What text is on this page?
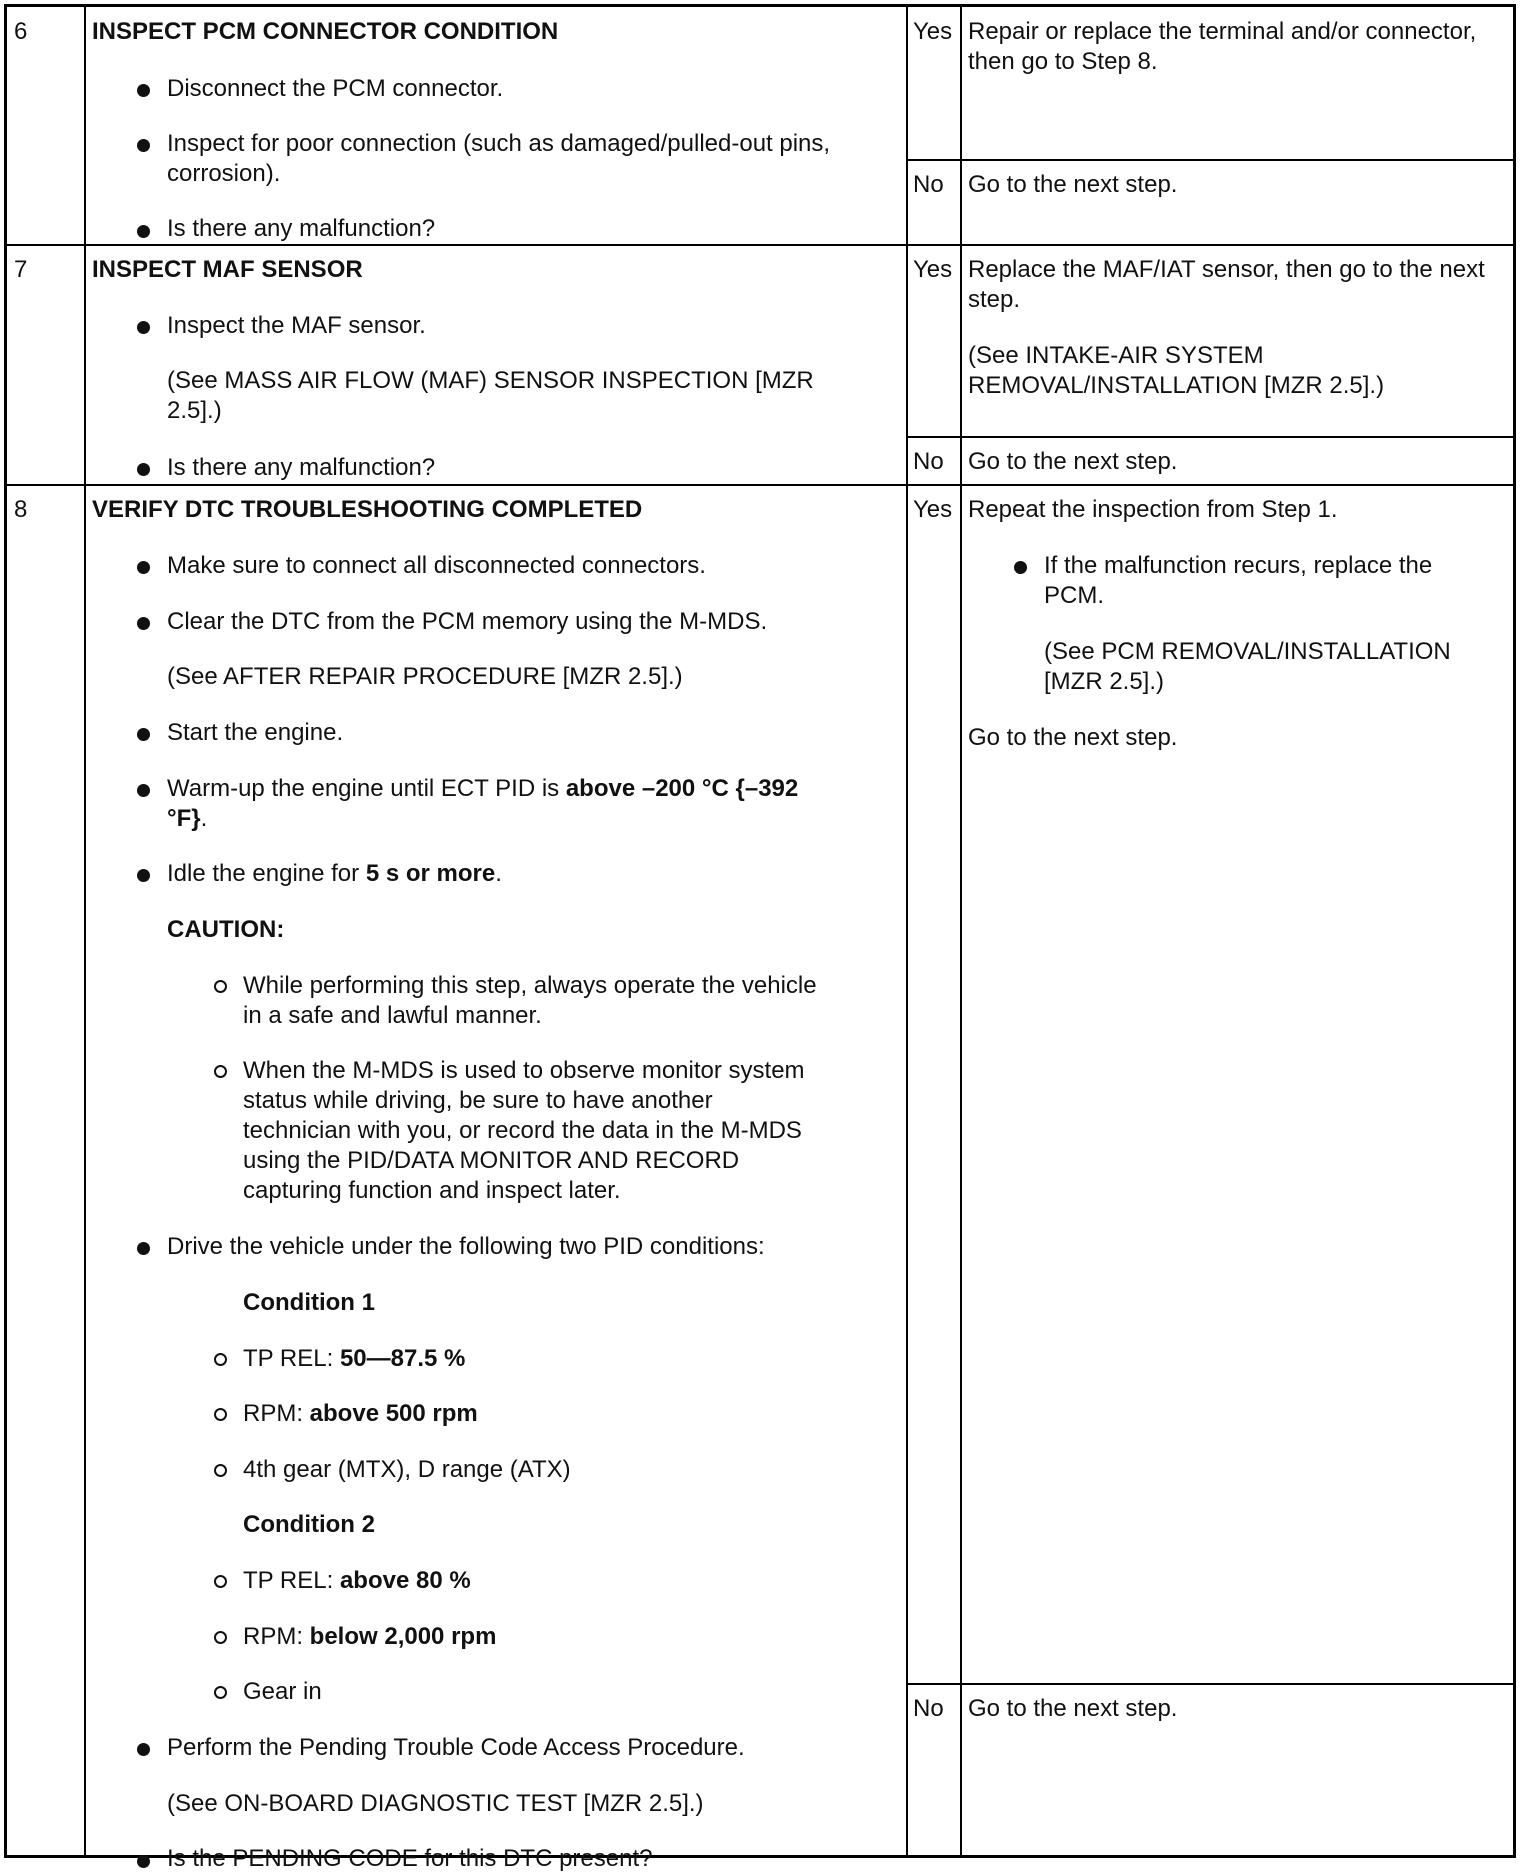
6	INSPECT PCM CONNECTOR CONDITION
Disconnect the PCM connector.
Inspect for poor connection (such as damaged/pulled-out pins,
corrosion).
Is there any malfunction?
Yes Repair or replace the terminal and/or connector,
then go to Step 8.
No Go to the next step.
7	INSPECT MAF SENSOR
Inspect the MAF sensor.
(See MASS AIR FLOW (MAF) SENSOR INSPECTION [MZR
2.5].)
Is there any malfunction?
Yes Replace the MAF/IAT sensor, then go to the next
step.
(See INTAKE-AIR SYSTEM
REMOVAL/INSTALLATION [MZR 2.5].)
No Go to the next step.
8	VERIFY DTC TROUBLESHOOTING COMPLETED
Make sure to connect all disconnected connectors.
Clear the DTC from the PCM memory using the M-MDS.
(See AFTER REPAIR PROCEDURE [MZR 2.5].)
Start the engine.
Warm-up the engine until ECT PID is above –200 °C {–392
°F}.
Idle the engine for 5 s or more.
CAUTION:
While performing this step, always operate the vehicle
in a safe and lawful manner.
When the M-MDS is used to observe monitor system
status while driving, be sure to have another
technician with you, or record the data in the M-MDS
using the PID/DATA MONITOR AND RECORD
capturing function and inspect later.
Drive the vehicle under the following two PID conditions:
Condition 1
TP REL: 50—87.5 %
RPM: above 500 rpm
4th gear (MTX), D range (ATX)
Condition 2
TP REL: above 80 %
RPM: below 2,000 rpm
Gear in
Perform the Pending Trouble Code Access Procedure.
(See ON-BOARD DIAGNOSTIC TEST [MZR 2.5].)
Is the PENDING CODE for this DTC present?
Yes Repeat the inspection from Step 1.
If the malfunction recurs, replace the
PCM.
(See PCM REMOVAL/INSTALLATION
[MZR 2.5].)
Go to the next step.
No Go to the next step.
